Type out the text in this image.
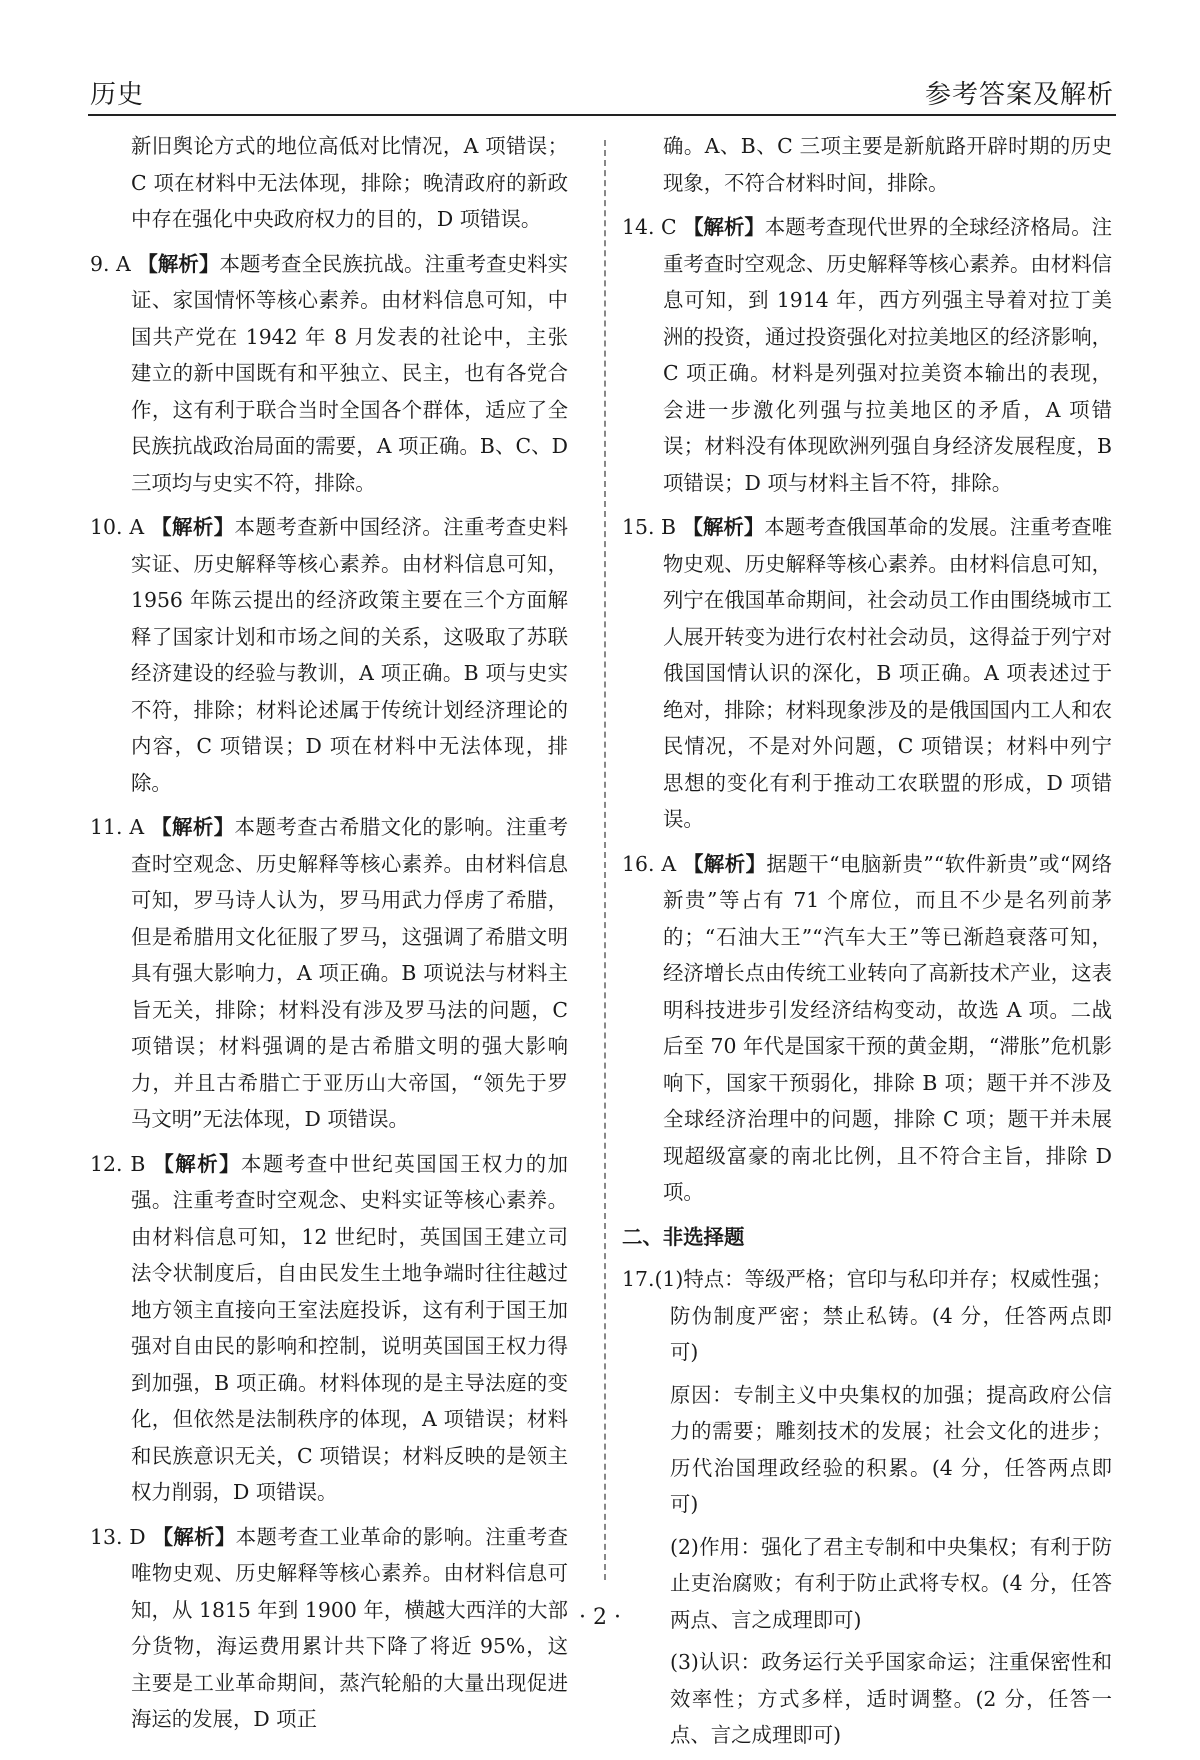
历史	参考答案及解析

新旧舆论方式的地位高低对比情况，A 项错误；C 项在材料中无法体现，排除；晚清政府的新政中存在强化中央政府权力的目的，D 项错误。

9. A 【解析】本题考查全民族抗战。注重考查史料实证、家国情怀等核心素养。由材料信息可知，中国共产党在 1942 年 8 月发表的社论中，主张建立的新中国既有和平独立、民主，也有各党合作，这有利于联合当时全国各个群体，适应了全民族抗战政治局面的需要，A 项正确。B、C、D 三项均与史实不符，排除。

10. A 【解析】本题考查新中国经济。注重考查史料实证、历史解释等核心素养。由材料信息可知，1956 年陈云提出的经济政策主要在三个方面解释了国家计划和市场之间的关系，这吸取了苏联经济建设的经验与教训，A 项正确。B 项与史实不符，排除；材料论述属于传统计划经济理论的内容，C 项错误；D 项在材料中无法体现，排除。

11. A 【解析】本题考查古希腊文化的影响。注重考查时空观念、历史解释等核心素养。由材料信息可知，罗马诗人认为，罗马用武力俘虏了希腊，但是希腊用文化征服了罗马，这强调了希腊文明具有强大影响力，A 项正确。B 项说法与材料主旨无关，排除；材料没有涉及罗马法的问题，C 项错误；材料强调的是古希腊文明的强大影响力，并且古希腊亡于亚历山大帝国，“领先于罗马文明”无法体现，D 项错误。

12. B 【解析】本题考查中世纪英国国王权力的加强。注重考查时空观念、史料实证等核心素养。由材料信息可知，12 世纪时，英国国王建立司法令状制度后，自由民发生土地争端时往往越过地方领主直接向王室法庭投诉，这有利于国王加强对自由民的影响和控制，说明英国国王权力得到加强，B 项正确。材料体现的是主导法庭的变化，但依然是法制秩序的体现，A 项错误；材料和民族意识无关，C 项错误；材料反映的是领主权力削弱，D 项错误。

13. D 【解析】本题考查工业革命的影响。注重考查唯物史观、历史解释等核心素养。由材料信息可知，从 1815 年到 1900 年，横越大西洋的大部分货物，海运费用累计共下降了将近 95%，这主要是工业革命期间，蒸汽轮船的大量出现促进海运的发展，D 项正

确。A、B、C 三项主要是新航路开辟时期的历史现象，不符合材料时间，排除。

14. C 【解析】本题考查现代世界的全球经济格局。注重考查时空观念、历史解释等核心素养。由材料信息可知，到 1914 年，西方列强主导着对拉丁美洲的投资，通过投资强化对拉美地区的经济影响，C 项正确。材料是列强对拉美资本输出的表现，会进一步激化列强与拉美地区的矛盾，A 项错误；材料没有体现欧洲列强自身经济发展程度，B 项错误；D 项与材料主旨不符，排除。

15. B 【解析】本题考查俄国革命的发展。注重考查唯物史观、历史解释等核心素养。由材料信息可知，列宁在俄国革命期间，社会动员工作由围绕城市工人展开转变为进行农村社会动员，这得益于列宁对俄国国情认识的深化，B 项正确。A 项表述过于绝对，排除；材料现象涉及的是俄国国内工人和农民情况，不是对外问题，C 项错误；材料中列宁思想的变化有利于推动工农联盟的形成，D 项错误。

16. A 【解析】据题干“电脑新贵”“软件新贵”或“网络新贵”等占有 71 个席位，而且不少是名列前茅的；“石油大王”“汽车大王”等已渐趋衰落可知，经济增长点由传统工业转向了高新技术产业，这表明科技进步引发经济结构变动，故选 A 项。二战后至 70 年代是国家干预的黄金期，“滞胀”危机影响下，国家干预弱化，排除 B 项；题干并不涉及全球经济治理中的问题，排除 C 项；题干并未展现超级富豪的南北比例，且不符合主旨，排除 D 项。

二、非选择题

17.(1)特点：等级严格；官印与私印并存；权威性强；防伪制度严密；禁止私铸。(4 分，任答两点即可)

原因：专制主义中央集权的加强；提高政府公信力的需要；雕刻技术的发展；社会文化的进步；历代治国理政经验的积累。(4 分，任答两点即可)

(2)作用：强化了君主专制和中央集权；有利于防止吏治腐败；有利于防止武将专权。(4 分，任答两点、言之成理即可)

(3)认识：政务运行关乎国家命运；注重保密性和效率性；方式多样，适时调整。(2 分，任答一点、言之成理即可)

· 2 ·
